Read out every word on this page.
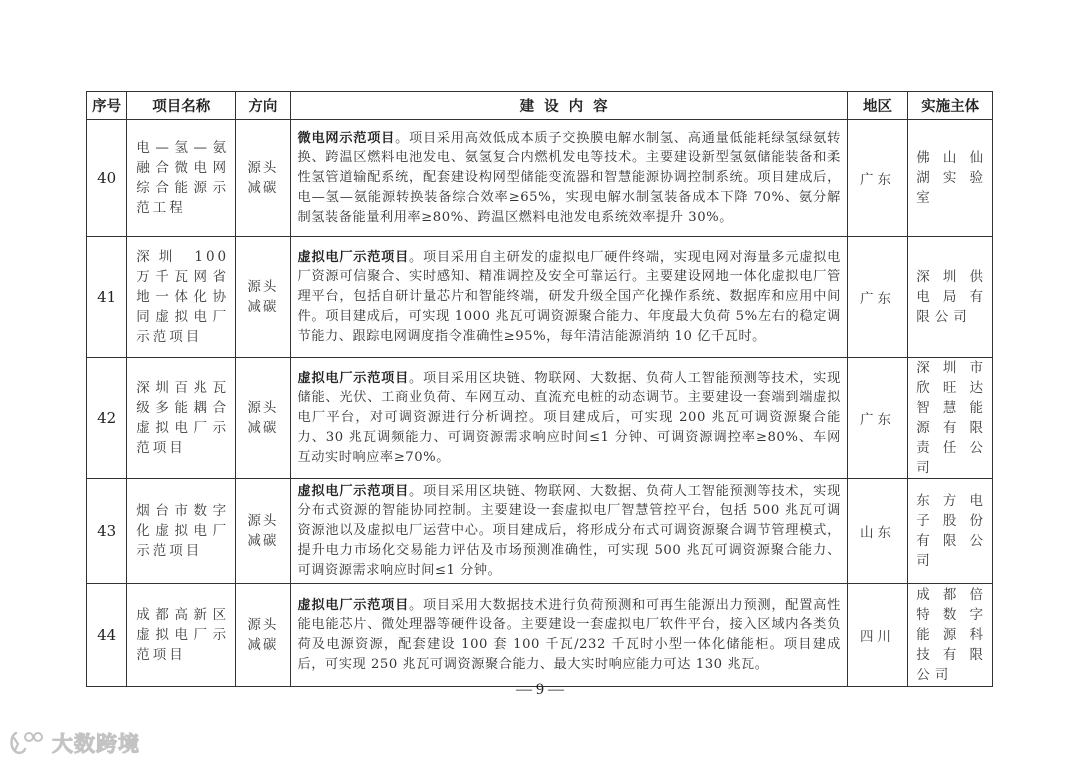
序号	项目名称	方向	建设内容	地区	实施主体
40	电—氢—氨融合微电网综合能源示范工程	源头减碳	微电网示范项目。项目采用高效低成本质子交换膜电解水制氢、高通量低能耗绿氢绿氨转换、跨温区燃料电池发电、氨氢复合内燃机发电等技术。主要建设新型氢氨储能装备和柔性氢管道输配系统，配套建设构网型储能变流器和智慧能源协调控制系统。项目建成后，电—氢—氨能源转换装备综合效率≥65%，实现电解水制氢装备成本下降 70%、氨分解制氢装备能量利用率≥80%、跨温区燃料电池发电系统效率提升 30%。	广东	佛山仙湖实验室

41	深圳 100 万千瓦网省地一体化协同虚拟电厂示范项目	源头减碳	虚拟电厂示范项目。项目采用自主研发的虚拟电厂硬件终端，实现电网对海量多元虚拟电厂资源可信聚合、实时感知、精准调控及安全可靠运行。主要建设网地一体化虚拟电厂管理平台，包括自研计量芯片和智能终端，研发升级全国产化操作系统、数据库和应用中间件。项目建成后，可实现 1000 兆瓦可调资源聚合能力、年度最大负荷 5%左右的稳定调节能力、跟踪电网调度指令准确性≥95%，每年清洁能源消纳 10 亿千瓦时。	广东	深圳供电局有限公司

42	深圳百兆瓦级多能耦合虚拟电厂示范项目	源头减碳	虚拟电厂示范项目。项目采用区块链、物联网、大数据、负荷人工智能预测等技术，实现储能、光伏、工商业负荷、车网互动、直流充电桩的动态调节。主要建设一套端到端虚拟电厂平台，对可调资源进行分析调控。项目建成后，可实现 200 兆瓦可调资源聚合能力、30 兆瓦调频能力、可调资源需求响应时间≤1 分钟、可调资源调控率≥80%、车网互动实时响应率≥70%。	广东	深圳市欣旺达智慧能源有限责任公司

43	烟台市数字化虚拟电厂示范项目	源头减碳	虚拟电厂示范项目。项目采用区块链、物联网、大数据、负荷人工智能预测等技术，实现分布式资源的智能协同控制。主要建设一套虚拟电厂智慧管控平台，包括 500 兆瓦可调资源池以及虚拟电厂运营中心。项目建成后，将形成分布式可调资源聚合调节管理模式，提升电力市场化交易能力评估及市场预测准确性，可实现 500 兆瓦可调资源聚合能力、可调资源需求响应时间≤1 分钟。	山东	东方电子股份有限公司

44	成都高新区虚拟电厂示范项目	源头减碳	虚拟电厂示范项目。项目采用大数据技术进行负荷预测和可再生能源出力预测，配置高性能电能芯片、微处理器等硬件设备。主要建设一套虚拟电厂软件平台，接入区域内各类负荷及电源资源，配套建设 100 套 100 千瓦/232 千瓦时小型一体化储能柜。项目建成后，可实现 250 兆瓦可调资源聚合能力、最大实时响应能力可达 130 兆瓦。	四川	成都倍特数字能源科技有限公司
— 9 —
大数跨境
